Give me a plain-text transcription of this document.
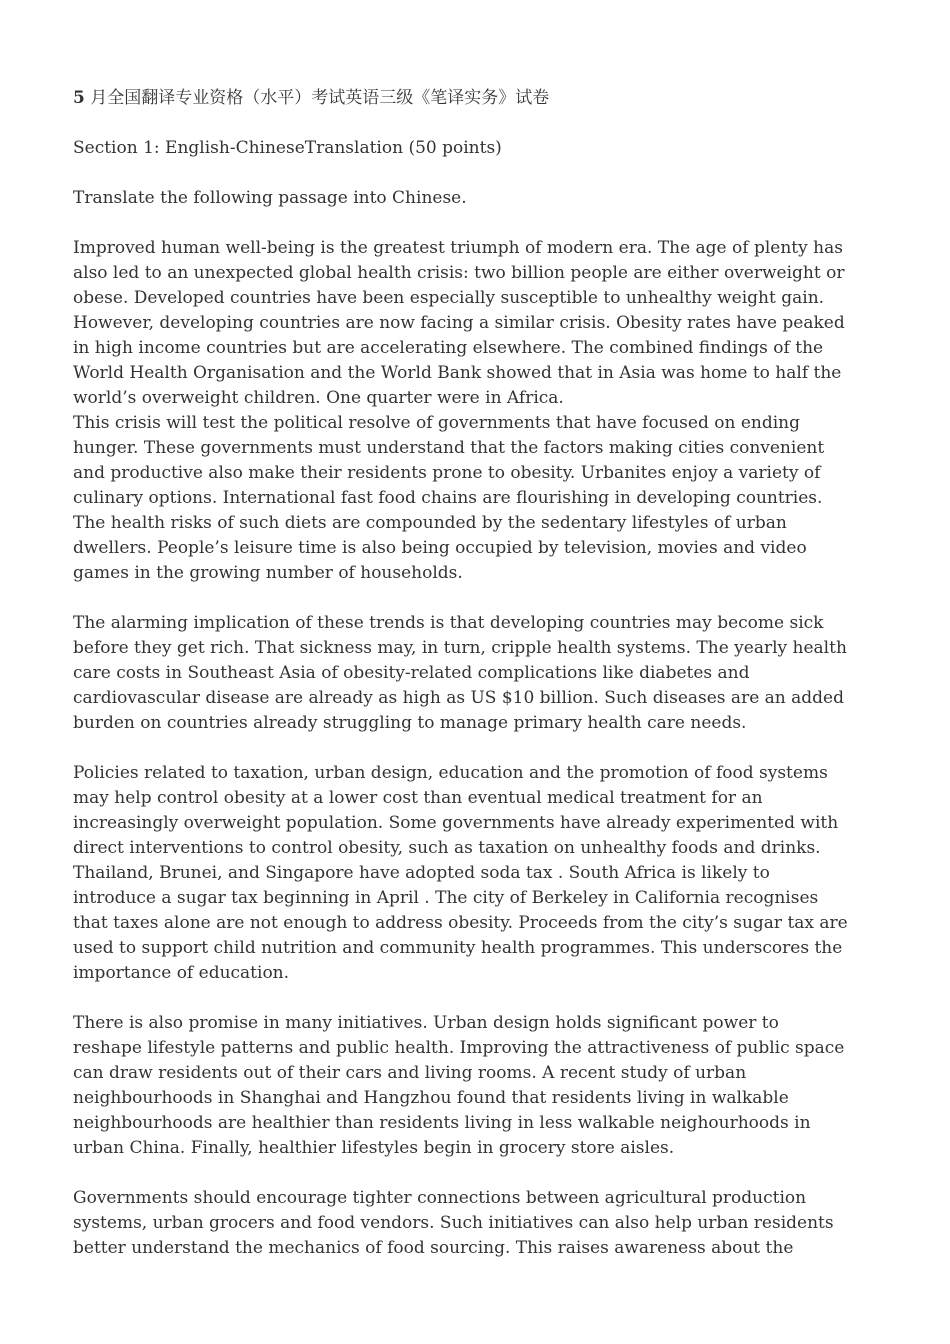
5 月全国翻译专业资格（水平）考试英语三级《笔译实务》试卷

Section 1: English-ChineseTranslation (50 points)

Translate the following passage into Chinese.

Improved human well-being is the greatest triumph of modern era. The age of plenty has
also led to an unexpected global health crisis: two billion people are either overweight or
obese. Developed countries have been especially susceptible to unhealthy weight gain.
However, developing countries are now facing a similar crisis. Obesity rates have peaked
in high income countries but are accelerating elsewhere. The combined findings of the
World Health Organisation and the World Bank showed that in Asia was home to half the
world’s overweight children. One quarter were in Africa.

This crisis will test the political resolve of governments that have focused on ending
hunger. These governments must understand that the factors making cities convenient
and productive also make their residents prone to obesity. Urbanites enjoy a variety of
culinary options. International fast food chains are flourishing in developing countries.
The health risks of such diets are compounded by the sedentary lifestyles of urban
dwellers. People’s leisure time is also being occupied by television, movies and video
games in the growing number of households.

The alarming implication of these trends is that developing countries may become sick
before they get rich. That sickness may, in turn, cripple health systems. The yearly health
care costs in Southeast Asia of obesity-related complications like diabetes and
cardiovascular disease are already as high as US $10 billion. Such diseases are an added
burden on countries already struggling to manage primary health care needs.

Policies related to taxation, urban design, education and the promotion of food systems
may help control obesity at a lower cost than eventual medical treatment for an
increasingly overweight population. Some governments have already experimented with
direct interventions to control obesity, such as taxation on unhealthy foods and drinks.
Thailand, Brunei, and Singapore have adopted soda tax . South Africa is likely to
introduce a sugar tax beginning in April . The city of Berkeley in California recognises
that taxes alone are not enough to address obesity. Proceeds from the city’s sugar tax are
used to support child nutrition and community health programmes. This underscores the
importance of education.

There is also promise in many initiatives. Urban design holds significant power to
reshape lifestyle patterns and public health. Improving the attractiveness of public space
can draw residents out of their cars and living rooms. A recent study of urban
neighbourhoods in Shanghai and Hangzhou found that residents living in walkable
neighbourhoods are healthier than residents living in less walkable neighourhoods in
urban China. Finally, healthier lifestyles begin in grocery store aisles.

Governments should encourage tighter connections between agricultural production
systems, urban grocers and food vendors. Such initiatives can also help urban residents
better understand the mechanics of food sourcing. This raises awareness about the
